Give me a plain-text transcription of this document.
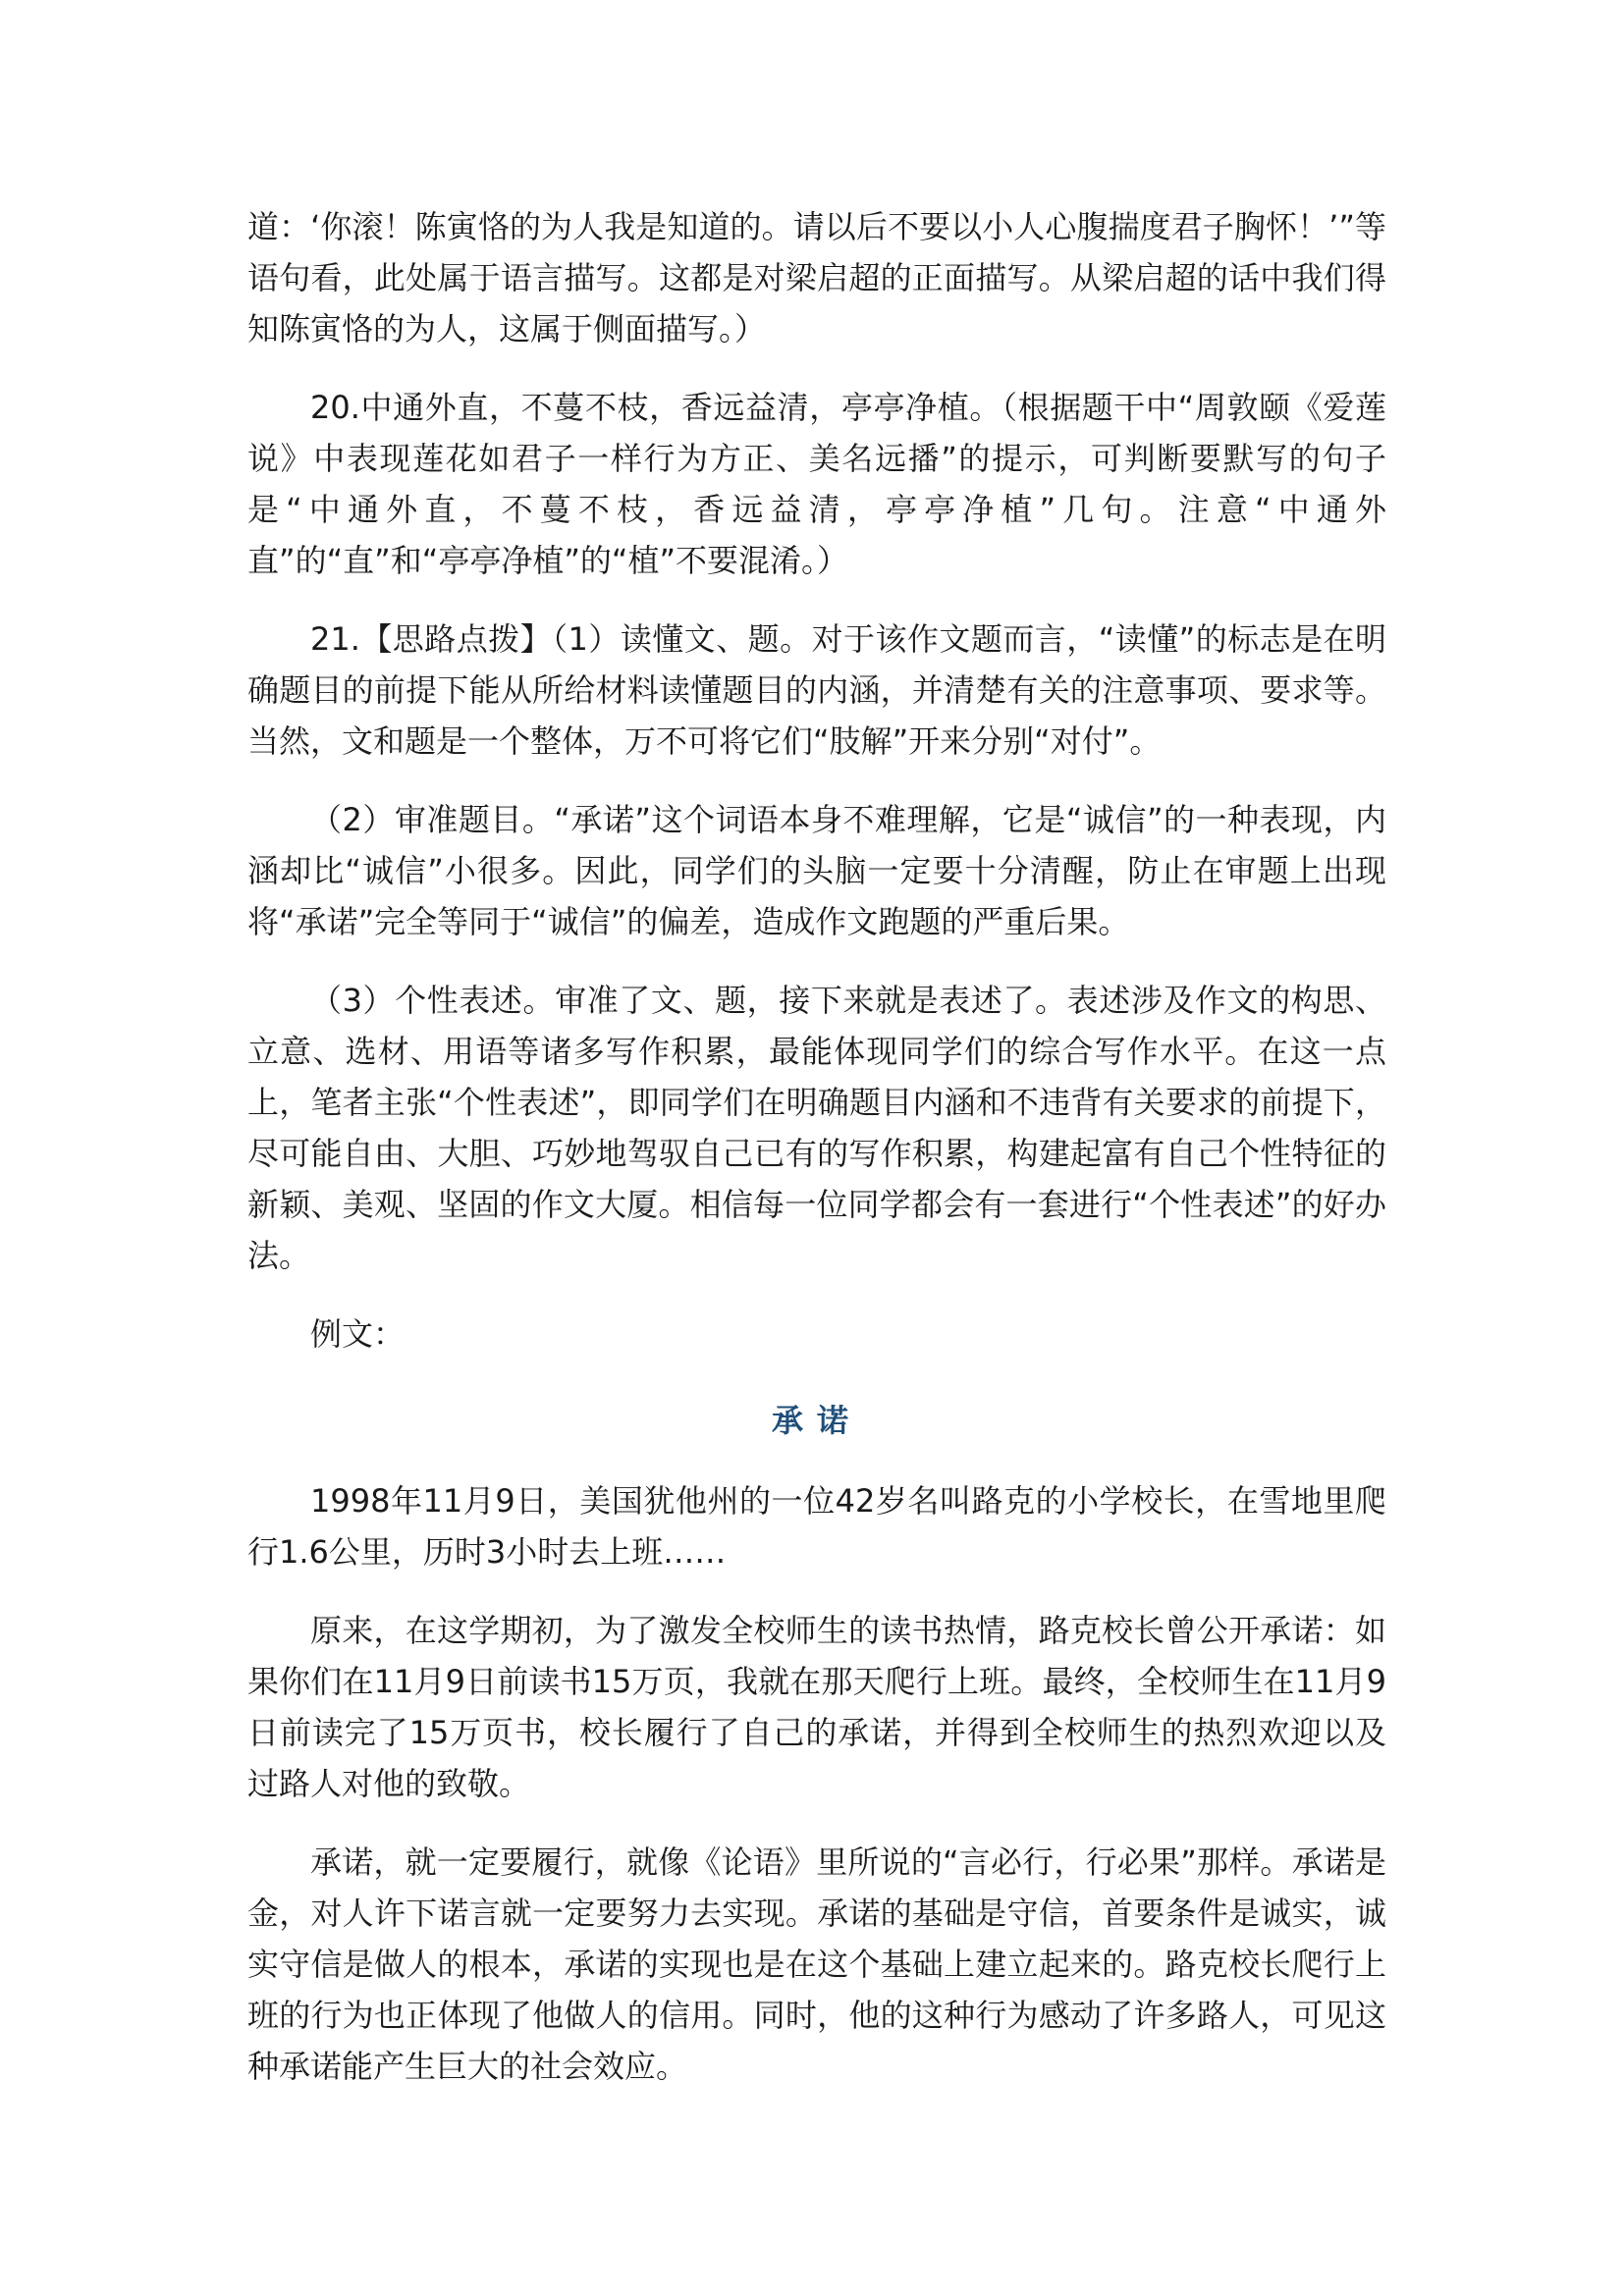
道：‘你滚！陈寅恪的为人我是知道的。请以后不要以小人心腹揣度君子胸怀！’”等语句看，此处属于语言描写。这都是对梁启超的正面描写。从梁启超的话中我们得知陈寅恪的为人，这属于侧面描写。）

20.中通外直，不蔓不枝，香远益清，亭亭净植。（根据题干中“周敦颐《爱莲说》中表现莲花如君子一样行为方正、美名远播”的提示，可判断要默写的句子是“中通外直，不蔓不枝，香远益清，亭亭净植”几句。注意“中通外直”的“直”和“亭亭净植”的“植”不要混淆。）

21.【思路点拨】（1）读懂文、题。对于该作文题而言，“读懂”的标志是在明确题目的前提下能从所给材料读懂题目的内涵，并清楚有关的注意事项、要求等。当然，文和题是一个整体，万不可将它们“肢解”开来分别“对付”。

（2）审准题目。“承诺”这个词语本身不难理解，它是“诚信”的一种表现，内涵却比“诚信”小很多。因此，同学们的头脑一定要十分清醒，防止在审题上出现将“承诺”完全等同于“诚信”的偏差，造成作文跑题的严重后果。

（3）个性表述。审准了文、题，接下来就是表述了。表述涉及作文的构思、立意、选材、用语等诸多写作积累，最能体现同学们的综合写作水平。在这一点上，笔者主张“个性表述”，即同学们在明确题目内涵和不违背有关要求的前提下，尽可能自由、大胆、巧妙地驾驭自己已有的写作积累，构建起富有自己个性特征的新颖、美观、坚固的作文大厦。相信每一位同学都会有一套进行“个性表述”的好办法。

例文：

承诺

1998年11月9日，美国犹他州的一位42岁名叫路克的小学校长，在雪地里爬行1.6公里，历时3小时去上班……

原来，在这学期初，为了激发全校师生的读书热情，路克校长曾公开承诺：如果你们在11月9日前读书15万页，我就在那天爬行上班。最终，全校师生在11月9日前读完了15万页书，校长履行了自己的承诺，并得到全校师生的热烈欢迎以及过路人对他的致敬。

承诺，就一定要履行，就像《论语》里所说的“言必行，行必果”那样。承诺是金，对人许下诺言就一定要努力去实现。承诺的基础是守信，首要条件是诚实，诚实守信是做人的根本，承诺的实现也是在这个基础上建立起来的。路克校长爬行上班的行为也正体现了他做人的信用。同时，他的这种行为感动了许多路人，可见这种承诺能产生巨大的社会效应。
